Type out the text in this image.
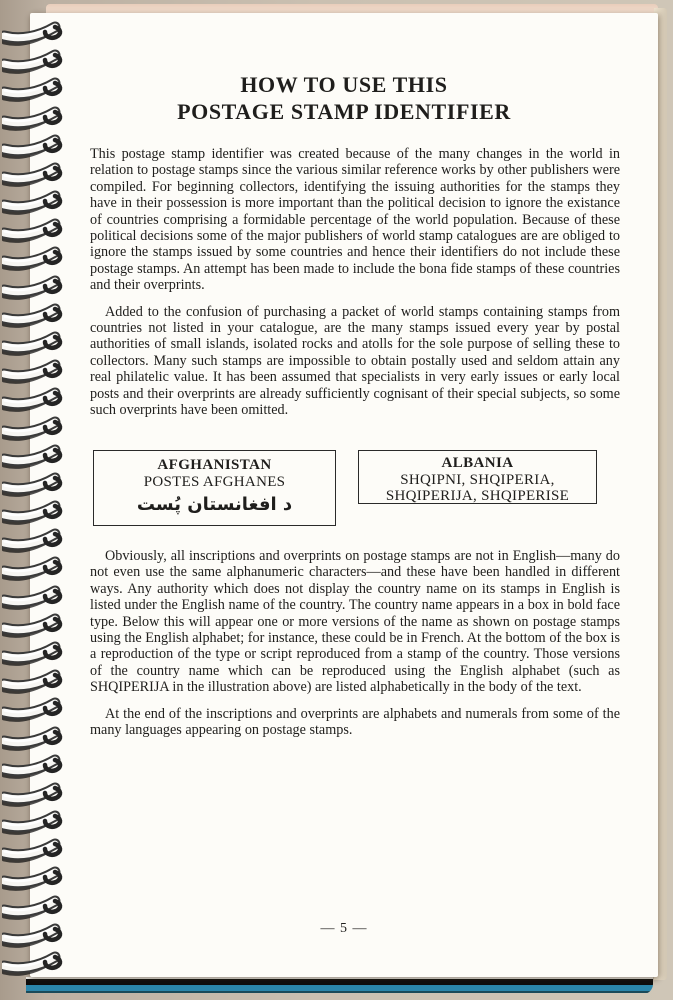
HOW TO USE THIS
POSTAGE STAMP IDENTIFIER

This postage stamp identifier was created because of the many changes in the world in relation to postage stamps since the various similar reference works by other publishers were compiled. For beginning collectors, identifying the issuing authorities for the stamps they have in their possession is more important than the political decision to ignore the existance of countries comprising a formidable percentage of the world population. Because of these political decisions some of the major publishers of world stamp catalogues are are obliged to ignore the stamps issued by some countries and hence their identifiers do not include these postage stamps. An attempt has been made to include the bona fide stamps of these countries and their overprints.

Added to the confusion of purchasing a packet of world stamps containing stamps from countries not listed in your catalogue, are the many stamps issued every year by postal authorities of small islands, isolated rocks and atolls for the sole purpose of selling these to collectors. Many such stamps are impossible to obtain postally used and seldom attain any real philatelic value. It has been assumed that specialists in very early issues or early local posts and their overprints are already sufficiently cognisant of their special subjects, so some such overprints have been omitted.

AFGHANISTAN
POSTES AFGHANES
د افغانستان پُست
ALBANIA
SHQIPNI, SHQIPERIA,
SHQIPERIJA, SHQIPERISE

Obviously, all inscriptions and overprints on postage stamps are not in English—many do not even use the same alphanumeric characters—and these have been handled in different ways. Any authority which does not display the country name on its stamps in English is listed under the English name of the country. The country name appears in a box in bold face type. Below this will appear one or more versions of the name as shown on postage stamps using the English alphabet; for instance, these could be in French. At the bottom of the box is a reproduction of the type or script reproduced from a stamp of the country. Those versions of the country name which can be reproduced using the English alphabet (such as SHQIPERIJA in the illustration above) are listed alphabetically in the body of the text.

At the end of the inscriptions and overprints are alphabets and numerals from some of the many languages appearing on postage stamps.

— 5 —
